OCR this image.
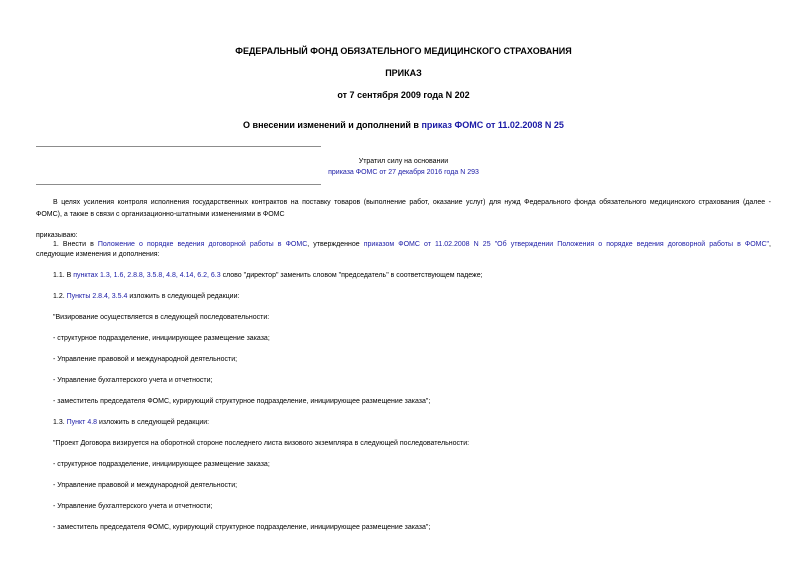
ФЕДЕРАЛЬНЫЙ ФОНД ОБЯЗАТЕЛЬНОГО МЕДИЦИНСКОГО СТРАХОВАНИЯ
ПРИКАЗ
от 7 сентября 2009 года N 202
О внесении изменений и дополнений в приказ ФОМС от 11.02.2008 N 25
Утратил силу на основании
приказа ФОМС от 27 декабря 2016 года N 293
В целях усиления контроля исполнения государственных контрактов на поставку товаров (выполнение работ, оказание услуг) для нужд Федерального фонда обязательного медицинского страхования (далее -
ФОМС), а также в связи с организационно-штатными изменениями в ФОМС
приказываю:
1. Внести в Положение о порядке ведения договорной работы в ФОМС, утвержденное приказом ФОМС от 11.02.2008 N 25 "Об утверждении Положения о порядке ведения договорной работы в ФОМС",
следующие изменения и дополнения:
1.1. В пунктах 1.3, 1.6, 2.8.8, 3.5.8, 4.8, 4.14, 6.2, 6.3 слово "директор" заменить словом "председатель" в соответствующем падеже;
1.2. Пункты 2.8.4, 3.5.4 изложить в следующей редакции:
"Визирование осуществляется в следующей последовательности:
- структурное подразделение, инициирующее размещение заказа;
- Управление правовой и международной деятельности;
- Управление бухгалтерского учета и отчетности;
- заместитель председателя ФОМС, курирующий структурное подразделение, инициирующее размещение заказа";
1.3. Пункт 4.8 изложить в следующей редакции:
"Проект Договора визируется на оборотной стороне последнего листа визового экземпляра в следующей последовательности:
- структурное подразделение, инициирующее размещение заказа;
- Управление правовой и международной деятельности;
- Управление бухгалтерского учета и отчетности;
- заместитель председателя ФОМС, курирующий структурное подразделение, инициирующее размещение заказа";
